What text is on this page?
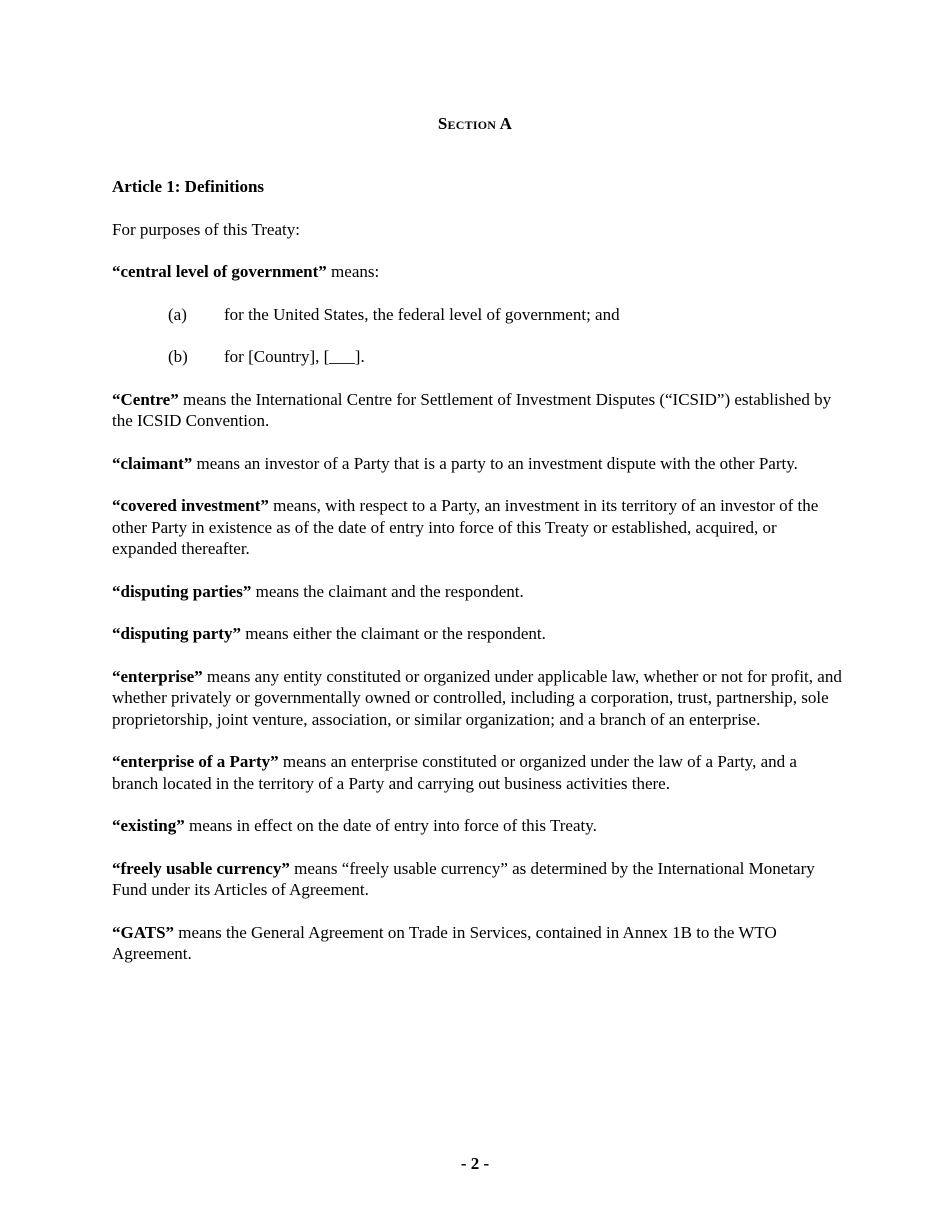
Section A
Article 1: Definitions
For purposes of this Treaty:
“central level of government” means:
(a)	for the United States, the federal level of government; and
(b)	for [Country], [___].
“Centre” means the International Centre for Settlement of Investment Disputes (“ICSID”) established by the ICSID Convention.
“claimant” means an investor of a Party that is a party to an investment dispute with the other Party.
“covered investment” means, with respect to a Party, an investment in its territory of an investor of the other Party in existence as of the date of entry into force of this Treaty or established, acquired, or expanded thereafter.
“disputing parties” means the claimant and the respondent.
“disputing party” means either the claimant or the respondent.
“enterprise” means any entity constituted or organized under applicable law, whether or not for profit, and whether privately or governmentally owned or controlled, including a corporation, trust, partnership, sole proprietorship, joint venture, association, or similar organization; and a branch of an enterprise.
“enterprise of a Party” means an enterprise constituted or organized under the law of a Party, and a branch located in the territory of a Party and carrying out business activities there.
“existing” means in effect on the date of entry into force of this Treaty.
“freely usable currency” means “freely usable currency” as determined by the International Monetary Fund under its Articles of Agreement.
“GATS” means the General Agreement on Trade in Services, contained in Annex 1B to the WTO Agreement.
- 2 -
